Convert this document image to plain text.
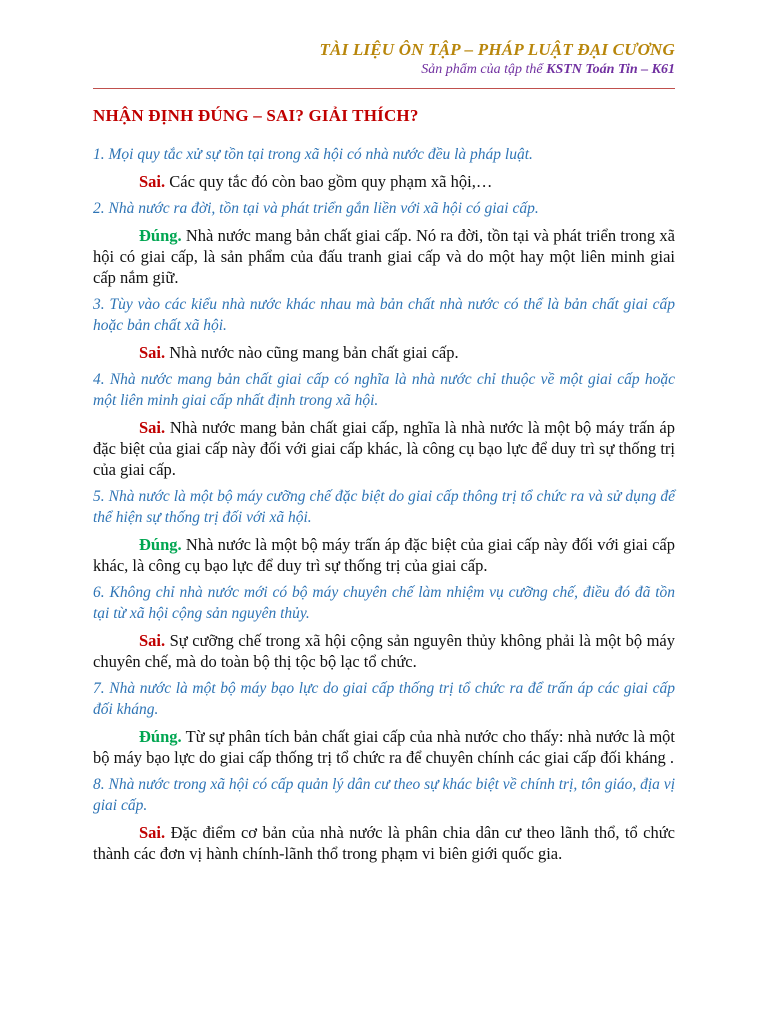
TÀI LIỆU ÔN TẬP – PHÁP LUẬT ĐẠI CƯƠNG
Sản phẩm của tập thể KSTN Toán Tin – K61
NHẬN ĐỊNH ĐÚNG – SAI? GIẢI THÍCH?

1. Mọi quy tắc xử sự tồn tại trong xã hội có nhà nước đều là pháp luật.

Sai. Các quy tắc đó còn bao gồm quy phạm xã hội,…

2. Nhà nước ra đời, tồn tại và phát triển gắn liền với xã hội có giai cấp.

Đúng. Nhà nước mang bản chất giai cấp. Nó ra đời, tồn tại và phát triển trong xã hội có giai cấp, là sản phẩm của đấu tranh giai cấp và do một hay một liên minh giai cấp nắm giữ.

3. Tùy vào các kiểu nhà nước khác nhau mà bản chất nhà nước có thể là bản chất giai cấp hoặc bản chất xã hội.

Sai. Nhà nước nào cũng mang bản chất giai cấp.

4. Nhà nước mang bản chất giai cấp có nghĩa là nhà nước chỉ thuộc về một giai cấp hoặc một liên minh giai cấp nhất định trong xã hội.

Sai. Nhà nước mang bản chất giai cấp, nghĩa là nhà nước là một bộ máy trấn áp đặc biệt của giai cấp này đối với giai cấp khác, là công cụ bạo lực để duy trì sự thống trị của giai cấp.

5. Nhà nước là một bộ máy cưỡng chế đặc biệt do giai cấp thông trị tổ chức ra và sử dụng để thể hiện sự thống trị đối với xã hội.

Đúng. Nhà nước là một bộ máy trấn áp đặc biệt của giai cấp này đối với giai cấp khác, là công cụ bạo lực để duy trì sự thống trị của giai cấp.

6. Không chỉ nhà nước mới có bộ máy chuyên chế làm nhiệm vụ cưỡng chế, điều đó đã tồn tại từ xã hội cộng sản nguyên thủy.

Sai. Sự cưỡng chế trong xã hội cộng sản nguyên thủy không phải là một bộ máy chuyên chế, mà do toàn bộ thị tộc bộ lạc tổ chức.

7. Nhà nước là một bộ máy bạo lực do giai cấp thống trị tổ chức ra để trấn áp các giai cấp đối kháng.

Đúng. Từ sự phân tích bản chất giai cấp của nhà nước cho thấy: nhà nước là một bộ máy bạo lực do giai cấp thống trị tổ chức ra để chuyên chính các giai cấp đối kháng .

8. Nhà nước trong xã hội có cấp quản lý dân cư theo sự khác biệt về chính trị, tôn giáo, địa vị giai cấp.

Sai. Đặc điểm cơ bản của nhà nước là phân chia dân cư theo lãnh thổ, tổ chức thành các đơn vị hành chính-lãnh thổ trong phạm vi biên giới quốc gia.
